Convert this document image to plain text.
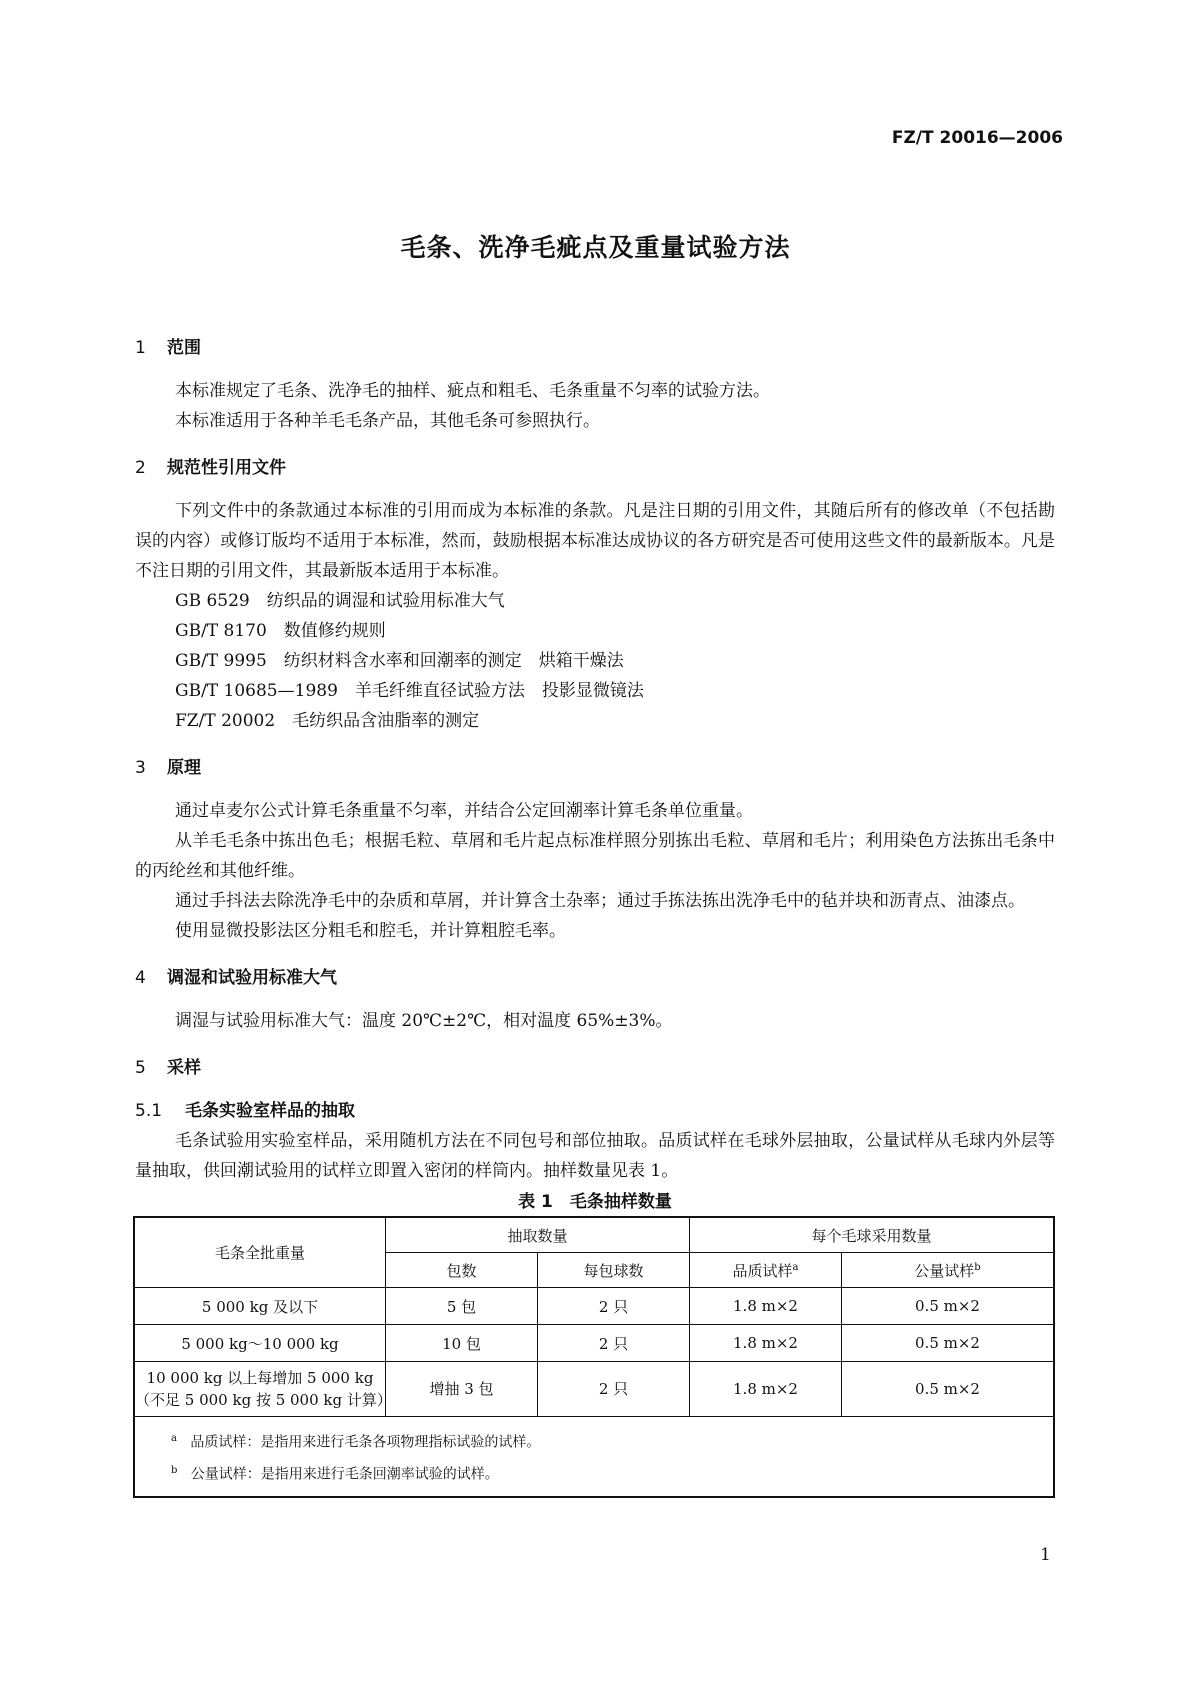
FZ/T 20016—2006
毛条、洗净毛疵点及重量试验方法
1 范围

本标准规定了毛条、洗净毛的抽样、疵点和粗毛、毛条重量不匀率的试验方法。

本标准适用于各种羊毛毛条产品，其他毛条可参照执行。

2 规范性引用文件

下列文件中的条款通过本标准的引用而成为本标准的条款。凡是注日期的引用文件，其随后所有的修改单（不包括勘误的内容）或修订版均不适用于本标准，然而，鼓励根据本标准达成协议的各方研究是否可使用这些文件的最新版本。凡是不注日期的引用文件，其最新版本适用于本标准。

GB 6529　纺织品的调湿和试验用标准大气
GB/T 8170　数值修约规则
GB/T 9995　纺织材料含水率和回潮率的测定　烘箱干燥法
GB/T 10685—1989　羊毛纤维直径试验方法　投影显微镜法
FZ/T 20002　毛纺织品含油脂率的测定
3 原理

通过卓麦尔公式计算毛条重量不匀率，并结合公定回潮率计算毛条单位重量。

从羊毛毛条中拣出色毛；根据毛粒、草屑和毛片起点标准样照分别拣出毛粒、草屑和毛片；利用染色方法拣出毛条中的丙纶丝和其他纤维。

通过手抖法去除洗净毛中的杂质和草屑，并计算含土杂率；通过手拣法拣出洗净毛中的毡并块和沥青点、油漆点。

使用显微投影法区分粗毛和腔毛，并计算粗腔毛率。

4 调湿和试验用标准大气

调湿与试验用标准大气：温度 20℃±2℃，相对温度 65%±3%。

5 采样
5.1 毛条实验室样品的抽取

毛条试验用实验室样品，采用随机方法在不同包号和部位抽取。品质试样在毛球外层抽取，公量试样从毛球内外层等量抽取，供回潮试验用的试样立即置入密闭的样筒内。抽样数量见表 1。

表 1　毛条抽样数量
毛条全批重量	抽取数量		每个毛球采用数量	
	包数	每包球数	品质试样$^a$	公量试样$^b$
5 000 kg 及以下	5 包	2 只	1.8 m×2	0.5 m×2
5 000 kg～10 000 kg	10 包	2 只	1.8 m×2	0.5 m×2
10 000 kg 以上每增加 5 000 kg
（不足 5 000 kg 按 5 000 kg 计算）	增抽 3 包	2 只	1.8 m×2	0.5 m×2

$^a$ 品质试样：是指用来进行毛条各项物理指标试验的试样。
$^b$ 公量试样：是指用来进行毛条回潮率试验的试样。				
1
